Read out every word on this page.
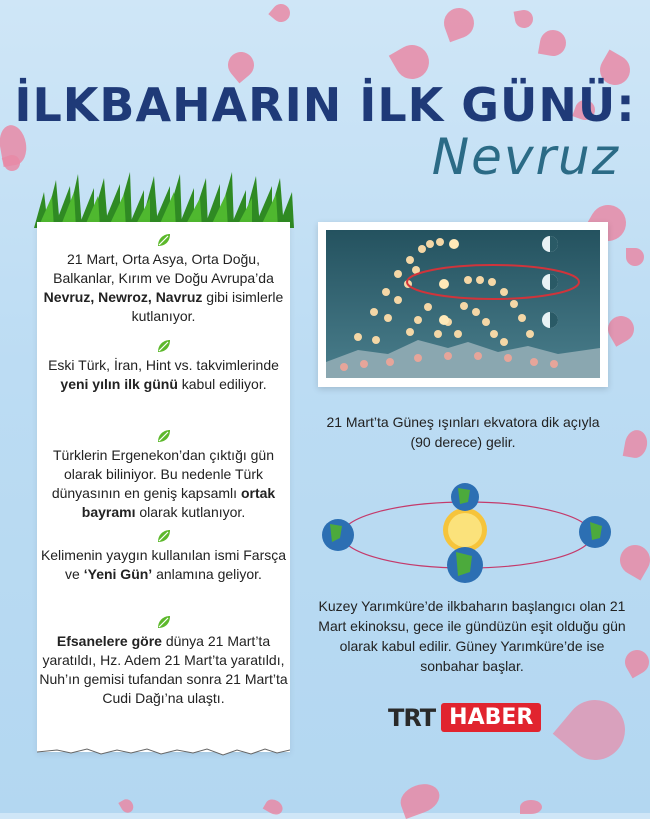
İLKBAHARIN İLK GÜNÜ:
Nevruz
21 Mart, Orta Asya, Orta Doğu, Balkanlar, Kırım ve Doğu Avrupa’da Nevruz, Newroz, Navruz gibi isimlerle kutlanıyor.
Eski Türk, İran, Hint vs. takvimlerinde yeni yılın ilk günü kabul ediliyor.
Türklerin Ergenekon’dan çıktığı gün olarak biliniyor. Bu nedenle Türk dünyasının en geniş kapsamlı ortak bayramı olarak kutlanıyor.
Kelimenin yaygın kullanılan ismi Farsça ve ‘Yeni Gün’ anlamına geliyor.
Efsanelere göre dünya 21 Mart’ta yaratıldı, Hz. Adem 21 Mart’ta yaratıldı, Nuh’ın gemisi tufandan sonra 21 Mart’ta Cudi Dağı’na ulaştı.
21 Mart’ta Güneş ışınları ekvatora dik açıyla (90 derece) gelir.
Kuzey Yarımküre’de ilkbaharın başlangıcı olan 21 Mart ekinoksu, gece ile gündüzün eşit olduğu gün olarak kabul edilir. Güney Yarımküre’de ise sonbahar başlar.
TRT HABER
